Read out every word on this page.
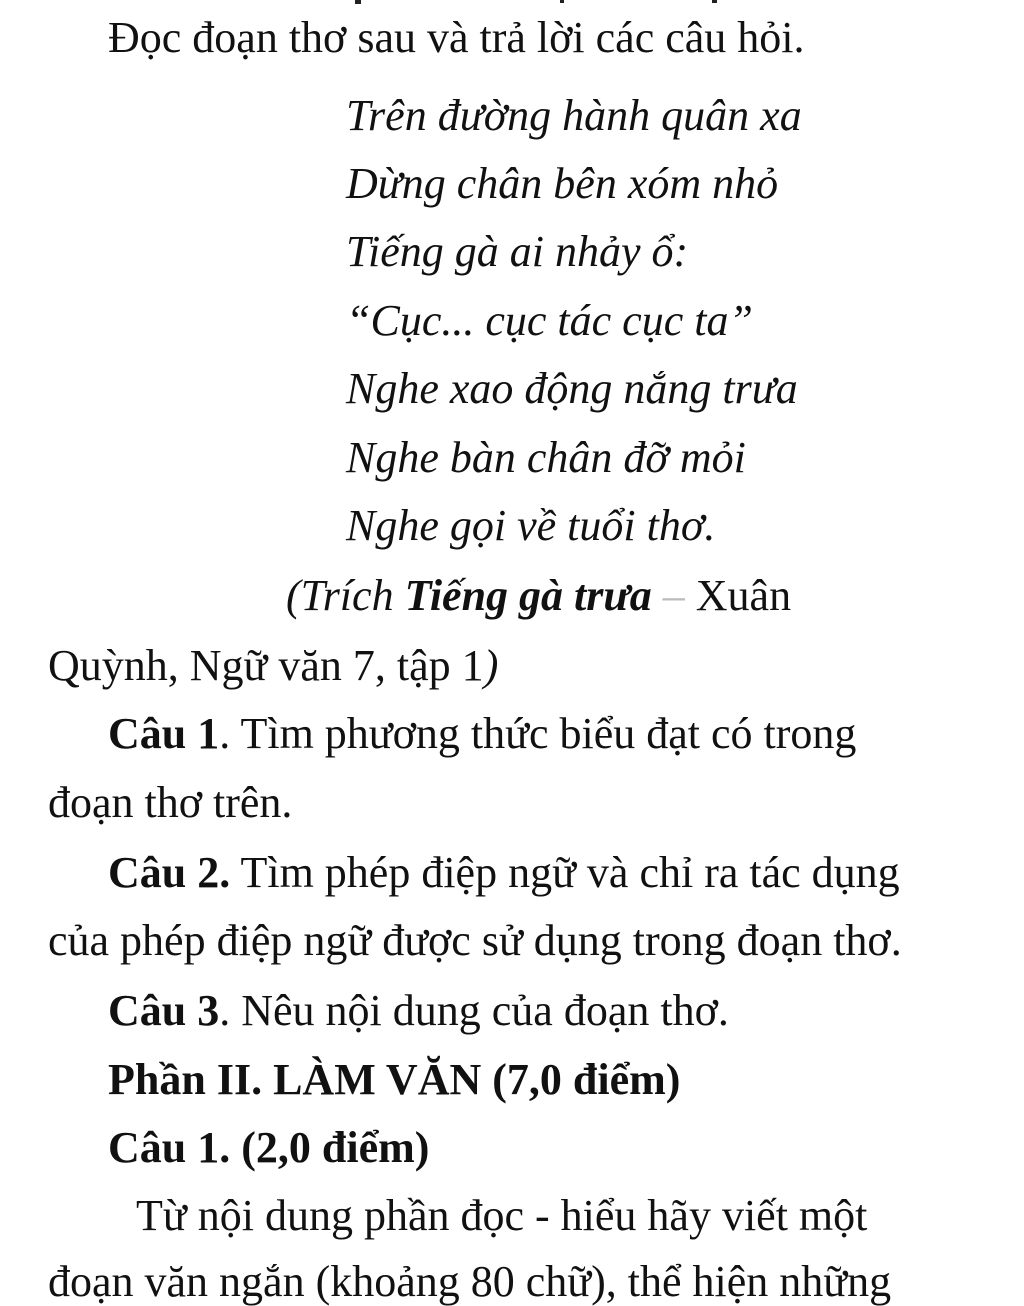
Đọc đoạn thơ sau và trả lời các câu hỏi.
Trên đường hành quân xa
Dừng chân bên xóm nhỏ
Tiếng gà ai nhảy ổ:
“Cục... cục tác cục ta”
Nghe xao động nắng trưa
Nghe bàn chân đỡ mỏi
Nghe gọi về tuổi thơ.
(Trích Tiếng gà trưa – Xuân
Quỳnh, Ngữ văn 7, tập 1)
Câu 1. Tìm phương thức biểu đạt có trong
đoạn thơ trên.
Câu 2. Tìm phép điệp ngữ và chỉ ra tác dụng
của phép điệp ngữ được sử dụng trong đoạn thơ.
Câu 3. Nêu nội dung của đoạn thơ.
Phần II. LÀM VĂN (7,0 điểm)
Câu 1. (2,0 điểm)
Từ nội dung phần đọc - hiểu hãy viết một
đoạn văn ngắn (khoảng 80 chữ), thể hiện những
